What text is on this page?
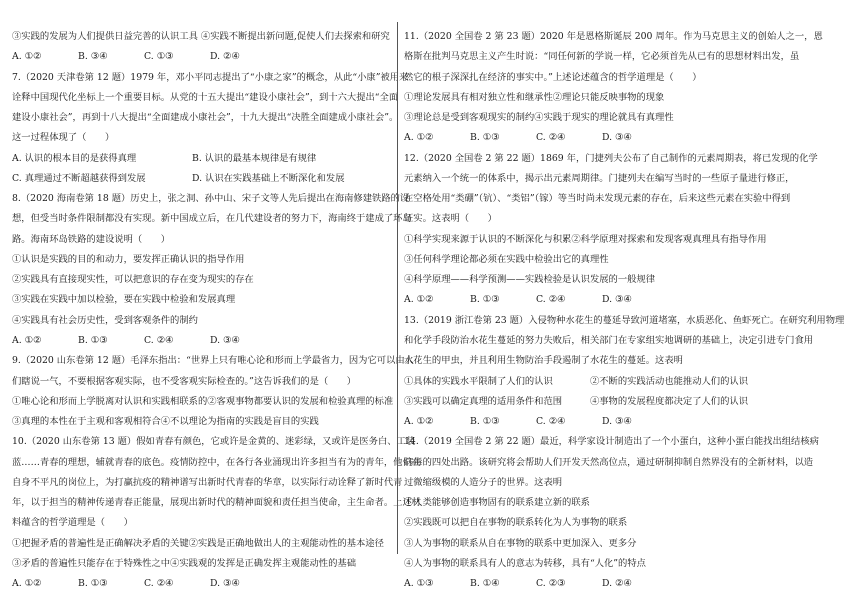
③实践的发展为人们提供日益完善的认识工具 ④实践不断提出新问题,促使人们去探索和研究
A. ①②	B. ③④	C. ①③	D. ②④
7.（2020 天津卷第 12 题）1979 年，邓小平同志提出了“小康之家”的概念，从此“小康”被用来
诠释中国现代化坐标上一个重要目标。从党的十五大提出“建设小康社会”，到十六大提出“全面
建设小康社会”，再到十八大提出“全面建成小康社会”，十九大提出“决胜全面建成小康社会”。
这一过程体现了（　　）
A. 认识的根本目的是获得真理	B. 认识的最基本规律是有规律
C. 真理通过不断超越获得到发展	D. 认识在实践基础上不断深化和发展
8.（2020 海南卷第 18 题）历史上，张之洞、孙中山、宋子文等人先后提出在海南修建铁路的设
想，但受当时条件限制都没有实现。新中国成立后，在几代建设者的努力下，海南终于建成了环岛
路。海南环岛铁路的建设说明（　　）
①认识是实践的目的和动力，要发挥正确认识的指导作用
②实践具有直接现实性，可以把意识的存在变为现实的存在
③实践在实践中加以检验，要在实践中检验和发展真理
④实践具有社会历史性，受到客观条件的制约
A. ①②	B. ①③	C. ②④	D. ③④
9.（2020 山东卷第 12 题）毛泽东指出：“世界上只有唯心论和形而上学最省力，因为它可以由人
们瞎说一气，不要根据客观实际，也不受客观实际检查的。”这告诉我们的是（　　）
①唯心论和形而上学脱离对认识和实践相联系的②客观事物都要认识的发展和检验真理的标准
③真理的本性在于主观和客观相符合④不以理论为指南的实践是盲目的实践
10.（2020 山东卷第 13 题）假如青春有颜色，它或许是金黄的、迷彩绿，又或许是医务白、工装
蓝……青春的理想，辅就青春的底色。疫情防控中，在各行各业涌现出许多担当有为的青年，他们在
自身不平凡的岗位上，为打赢抗疫的精神谱写出新时代青春的华章，以实际行动诠释了新时代青
年，以于担当的精神传递青春正能量，展现出新时代的精神面貌和责任担当使命，主生命者。上述材
料蕴含的哲学道理是（　　）
①把握矛盾的普遍性是正确解决矛盾的关键②实践是正确地做出人的主观能动性的基本途径
③矛盾的普遍性只能存在于特殊性之中④实践观的发挥是正确发挥主观能动性的基础
A. ①②	B. ①③	C. ②④	D. ③④
11.（2020 全国卷 2 第 23 题）2020 年是恩格斯诞辰 200 周年。作为马克思主义的创始人之一，恩
格斯在批判马克思主义产生时说：“同任何新的学说一样，它必须首先从已有的思想材料出发，虽
然它的根子深深扎在经济的事实中。”上述论述蕴含的哲学道理是（　　）
①理论发展具有相对独立性和继承性②理论只能反映事物的现象
③理论总是受到客观现实的制约④实践于现实的理论就具有真理性
A. ①②	B. ①③	C. ②④	D. ③④
12.（2020 全国卷 2 第 22 题）1869 年，门捷列夫公布了自己制作的元素周期表，将已发现的化学
元素纳入一个统一的体系中，揭示出元素周期律。门捷列夫在编写当时的一些原子量进行修正，
在空格处用“类硼”（钪）、“类铝”（镓）等当时尚未发现元素的存在，后来这些元素在实验中得到
证实。这表明（　　）
①科学实现来源于认识的不断深化与积累②科学原理对探索和发现客观真理具有指导作用
③任何科学理论都必须在实践中检验出它的真理性
④科学原理——科学预测——实践检验是认识发展的一般规律
A. ①②	B. ①③	C. ②④	D. ③④
13.（2019 浙江卷第 23 题）入侵物种水花生的蔓延导致河道堵塞，水质恶化、鱼虾死亡。在研究利用物理
和化学手段防治水花生蔓延的努力失败后，相关部门在专家组实地调研的基础上，决定引进专门食用
水花生的甲虫，并且利用生物防治手段遏制了水花生的蔓延。这表明
①具体的实践水平限制了人们的认识　　　　②不断的实践活动也能推动人们的认识
③实践可以确定真理的适用条件和范围　　　④事物的发展程度都决定了人们的认识
A. ①②	B. ①③	C. ②④	D. ③④
14.（2019 全国卷 2 第 22 题）最近，科学家设计制造出了一个小蛋白，这种小蛋白能找出组结核病
病毒的四处出路。该研究将会帮助人们开发天然高位点，通过研制抑制自然界没有的全新材料，以造
过微缩级模的人造分子的世界。这表明
①人类能够创造事物固有的联系建立新的联系
②实践既可以把自在事物的联系转化为人为事物的联系
③人为事物的联系从自在事物的联系中更加深入、更多分
④人为事物的联系具有人的意志为转移，具有“人化”的特点
A. ①③	B. ①④	C. ②③	D. ②④
